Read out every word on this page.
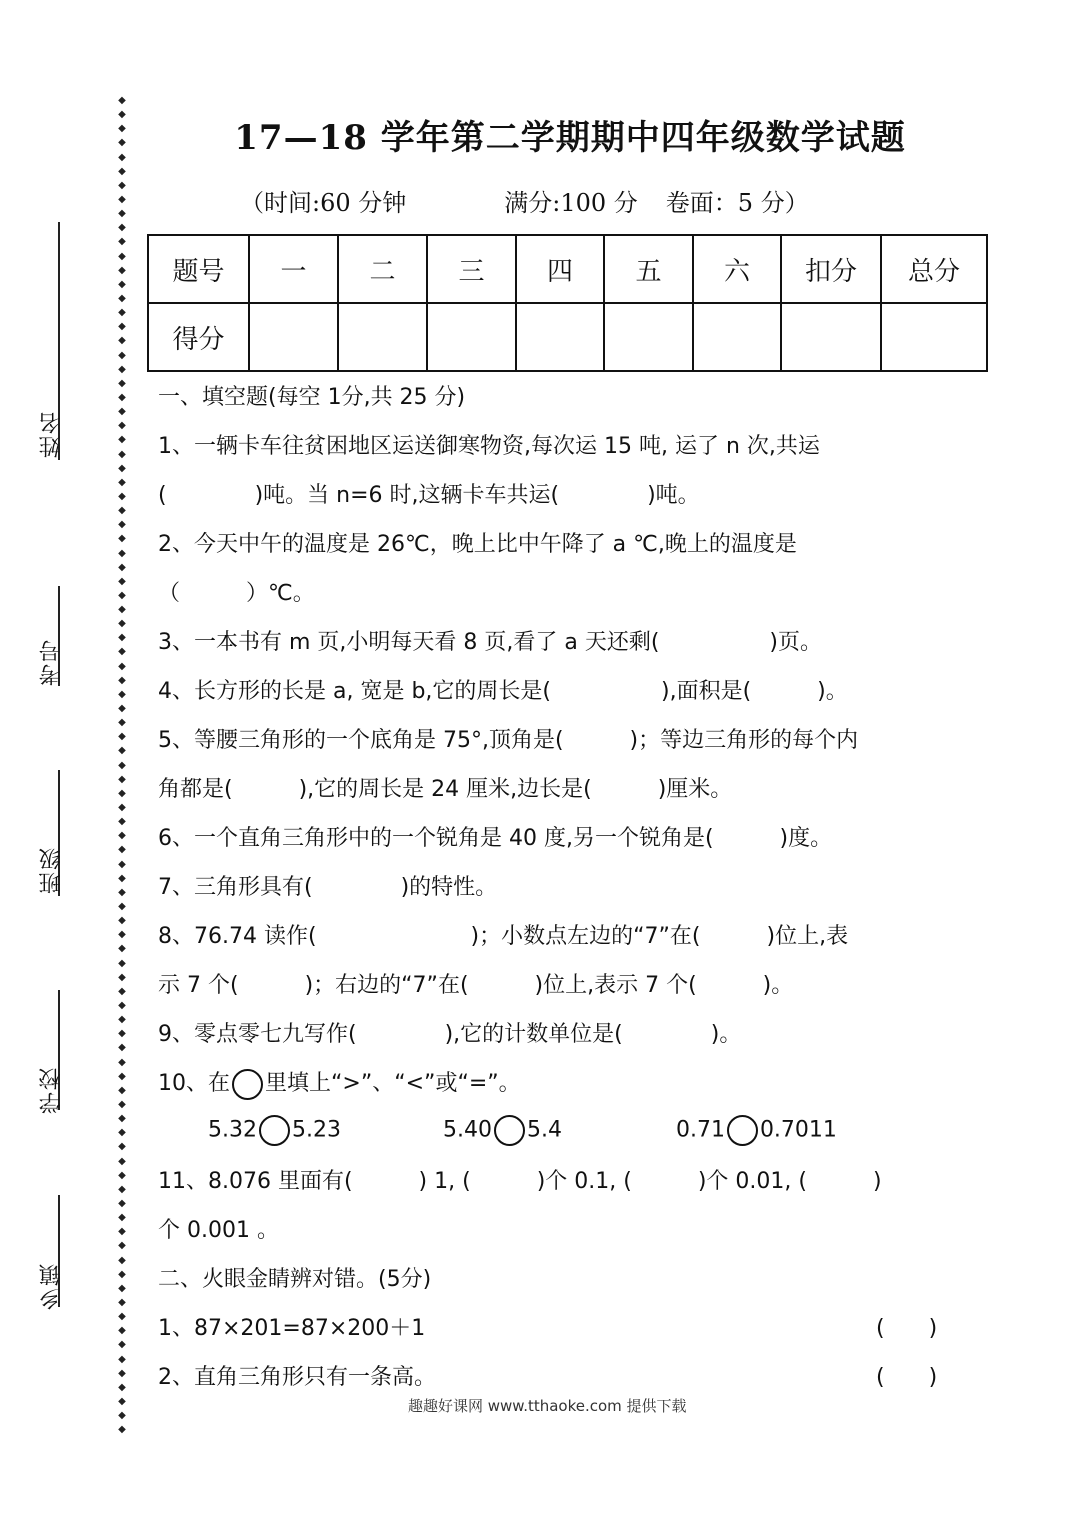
◆
◆
◆
◆
◆
◆
◆
◆
◆
◆
◆
◆
◆
◆
◆
◆
◆
◆
◆
◆
◆
◆
◆
◆
◆
◆
◆
◆
◆
◆
◆
◆
◆
◆
◆
◆
◆
◆
◆
◆
◆
◆
◆
◆
◆
◆
◆
◆
◆
◆
◆
◆
◆
◆
◆
◆
◆
◆
◆
◆
◆
◆
◆
◆
◆
◆
◆
◆
◆
◆
◆
◆
◆
◆
◆
◆
◆
◆
◆
◆
◆
◆
◆
◆
◆
◆
◆
◆
◆
◆
◆
◆
◆
◆
◆
姓名
考号
班级
学校
乡镇
17—18 学年第二学期期中四年级数学试题
（时间:60 分钟	满分:100 分 卷面：5 分）
题号	一	二	三	四	五	六	扣分	总分
得分								
一、填空题(每空 1分,共 25 分)
1、一辆卡车往贫困地区运送御寒物资,每次运 15 吨, 运了 n 次,共运
(　　　　)吨。当 n=6 时,这辆卡车共运(　　　　)吨。
2、今天中午的温度是 26℃，晚上比中午降了 a ℃,晚上的温度是
（　　　）℃。
3、一本书有 m 页,小明每天看 8 页,看了 a 天还剩(　　　　　)页。
4、长方形的长是 a, 宽是 b,它的周长是(　　　　　),面积是(　　　)。
5、等腰三角形的一个底角是 75°,顶角是(　　　)；等边三角形的每个内
角都是(　　　),它的周长是 24 厘米,边长是(　　　)厘米。
6、一个直角三角形中的一个锐角是 40 度,另一个锐角是(　　　)度。
7、三角形具有(　　　　)的特性。
8、76.74 读作(　　　　　　　)；小数点左边的“7”在(　　　)位上,表
示 7 个(　　　)；右边的“7”在(　　　)位上,表示 7 个(　　　)。
9、零点零七九写作(　　　　),它的计数单位是(　　　　)。
10、在 里填上“>”、“<”或“=”。
5.32 5.23	5.40 5.4	0.71 0.7011
11、8.076 里面有(　　　) 1, (　　　)个 0.1, (　　　)个 0.01, (　　　)
个 0.001 。
二、火眼金睛辨对错。(5分)
1、87×201=87×200＋1	(　　)
2、直角三角形只有一条高。	(　　)
趣趣好课网 www.tthaoke.com 提供下载
